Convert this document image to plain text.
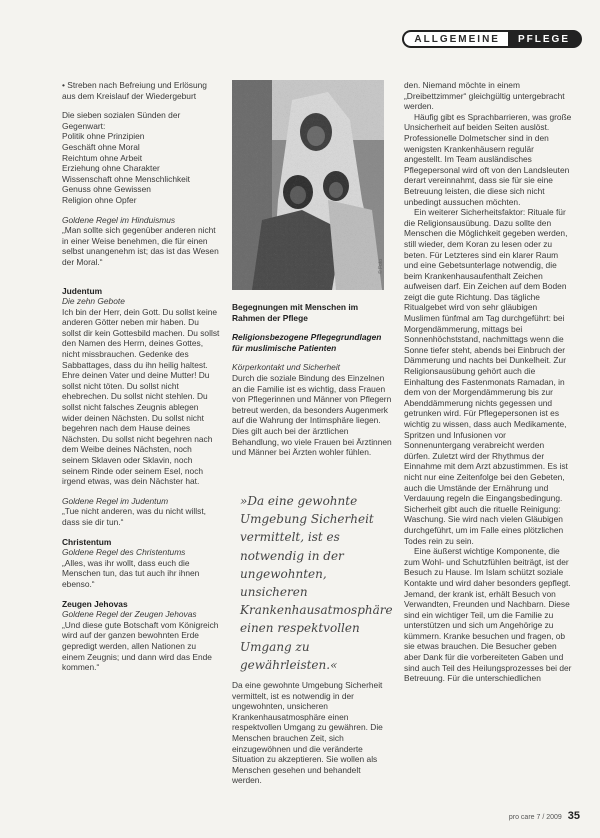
ALLGEMEINE	PFLEGE

• Streben nach Befreiung und Erlösung aus dem Kreislauf der Wiedergeburt

Die sieben sozialen Sünden der Gegenwart:

Politik ohne Prinzipien

Geschäft ohne Moral

Reichtum ohne Arbeit

Erziehung ohne Charakter

Wissenschaft ohne Menschlichkeit

Genuss ohne Gewissen

Religion ohne Opfer

Goldene Regel im Hinduismus

„Man sollte sich gegenüber anderen nicht in einer Weise benehmen, die für einen selbst unangenehm ist; das ist das Wesen der Moral.“

Judentum

Die zehn Gebote

Ich bin der Herr, dein Gott. Du sollst keine anderen Götter neben mir haben. Du sollst dir kein Gottesbild machen. Du sollst den Namen des Herrn, deines Gottes, nicht missbrauchen. Gedenke des Sabbattages, dass du ihn heilig haltest. Ehre deinen Vater und deine Mutter! Du sollst nicht töten. Du sollst nicht ehebrechen. Du sollst nicht stehlen. Du sollst nicht falsches Zeugnis ablegen wider deinen Nächsten. Du sollst nicht begehren nach dem Hause deines Nächsten. Du sollst nicht begehren nach dem Weibe deines Nächsten, noch seinem Sklaven oder Sklavin, noch seinem Rinde oder seinem Esel, noch irgend etwas, was dein Nächster hat.

Goldene Regel im Judentum

„Tue nicht anderen, was du nicht willst, dass sie dir tun.“

Christentum

Goldene Regel des Christentums

„Alles, was ihr wollt, dass euch die Menschen tun, das tut auch ihr ihnen ebenso.“

Zeugen Jehovas

Goldene Regel der Zeugen Jehovas

„Und diese gute Botschaft vom Königreich wird auf der ganzen bewohnten Erde gepredigt werden, allen Nationen zu einem Zeugnis; und dann wird das Ende kommen.“

© Foto

Begegnungen mit Menschen im Rahmen der Pflege

Religionsbezogene Pflegegrundlagen für muslimische Patienten

Körperkontakt und Sicherheit

Durch die soziale Bindung des Einzelnen an die Familie ist es wichtig, dass Frauen von Pflegerinnen und Männer von Pflegern betreut werden, da besonders Augenmerk auf die Wahrung der Intimsphäre liegen. Dies gilt auch bei der ärztlichen Behandlung, wo viele Frauen bei Ärztinnen und Männer bei Ärzten wohler fühlen.

»Da eine gewohnte Umgebung Sicherheit vermittelt, ist es notwendig in der ungewohnten, unsicheren Krankenhausatmosphäre einen respektvollen Umgang zu gewährleisten.«

Da eine gewohnte Umgebung Sicherheit vermittelt, ist es notwendig in der ungewohnten, unsicheren Krankenhausatmosphäre einen respektvollen Umgang zu gewähren. Die Menschen brauchen Zeit, sich einzugewöhnen und die veränderte Situation zu akzeptieren. Sie wollen als Menschen gesehen und behandelt werden.

den. Niemand möchte in einem „Dreibettzimmer“ gleichgültig untergebracht werden.

Häufig gibt es Sprachbarrieren, was große Unsicherheit auf beiden Seiten auslöst. Professionelle Dolmetscher sind in den wenigsten Krankenhäusern regulär angestellt. Im Team ausländisches Pflegepersonal wird oft von den Landsleuten derart vereinnahmt, dass sie für sie eine Betreuung leisten, die diese sich nicht unbedingt aussuchen möchten.

Ein weiterer Sicherheitsfaktor: Rituale für die Religionsausübung. Dazu sollte den Menschen die Möglichkeit gegeben werden, still wieder, dem Koran zu lesen oder zu beten. Für Letzteres sind ein klarer Raum und eine Gebetsunterlage notwendig, die beim Krankenhausaufenthalt Zeichen aufweisen darf. Ein Zeichen auf dem Boden zeigt die gute Richtung. Das tägliche Ritualgebet wird von sehr gläubigen Muslimen fünfmal am Tag durchgeführt: bei Morgendämmerung, mittags bei Sonnenhöchststand, nachmittags wenn die Sonne tiefer steht, abends bei Einbruch der Dämmerung und nachts bei Dunkelheit. Zur Religionsausübung gehört auch die Einhaltung des Fastenmonats Ramadan, in dem von der Morgendämmerung bis zur Abenddämmerung nichts gegessen und getrunken wird. Für Pflegepersonen ist es wichtig zu wissen, dass auch Medikamente, Spritzen und Infusionen vor Sonnenuntergang verabreicht werden dürfen. Zuletzt wird der Rhythmus der Einnahme mit dem Arzt abzustimmen. Es ist nicht nur eine Zeitenfolge bei den Gebeten, auch die Umstände der Ernährung und Verdauung regeln die Eingangsbedingung. Sicherheit gibt auch die rituelle Reinigung: Waschung. Sie wird nach vielen Gläubigen durchgeführt, um im Falle eines plötzlichen Todes rein zu sein.

Eine äußerst wichtige Komponente, die zum Wohl- und Schutzfühlen beiträgt, ist der Besuch zu Hause. Im Islam schützt soziale Kontakte und wird daher besonders gepflegt. Jemand, der krank ist, erhält Besuch von Verwandten, Freunden und Nachbarn. Diese sind ein wichtiger Teil, um die Familie zu unterstützen und sich um Angehörige zu kümmern. Kranke besuchen und fragen, ob sie etwas brauchen. Die Besucher geben aber Dank für die vorbereiteten Gaben und sind auch Teil des Heilungsprozesses bei der Betreuung. Für die unterschiedlichen

pro care 7 / 2009 35
